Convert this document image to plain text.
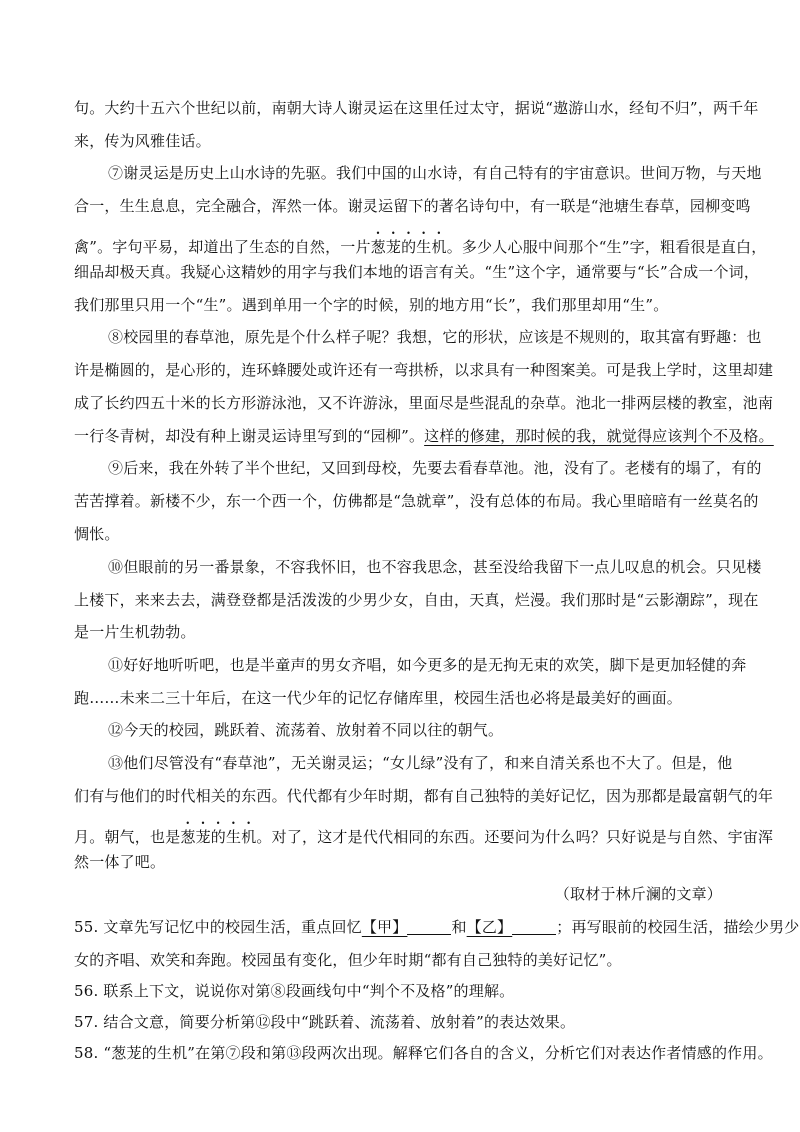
句。大约十五六个世纪以前，南朝大诗人谢灵运在这里任过太守，据说“遨游山水，经旬不归”，两千年
来，传为风雅佳话。
⑦谢灵运是历史上山水诗的先驱。我们中国的山水诗，有自己特有的宇宙意识。世间万物，与天地
合一，生生息息，完全融合，浑然一体。谢灵运留下的著名诗句中，有一联是“池塘生春草，园柳变鸣
禽”。字句平易，却道出了生态的自然，一片葱茏的生机。多少人心服中间那个“生”字，粗看很是直白，
细品却极天真。我疑心这精妙的用字与我们本地的语言有关。“生”这个字，通常要与“长”合成一个词，
我们那里只用一个“生”。遇到单用一个字的时候，别的地方用“长”，我们那里却用“生”。
⑧校园里的春草池，原先是个什么样子呢？我想，它的形状，应该是不规则的，取其富有野趣：也
许是椭圆的，是心形的，连环蜂腰处或许还有一弯拱桥，以求具有一种图案美。可是我上学时，这里却建
成了长约四五十米的长方形游泳池，又不许游泳，里面尽是些混乱的杂草。池北一排两层楼的教室，池南
一行冬青树，却没有种上谢灵运诗里写到的“园柳”。这样的修建，那时候的我，就觉得应该判个不及格。
⑨后来，我在外转了半个世纪，又回到母校，先要去看春草池。池，没有了。老楼有的塌了，有的
苦苦撑着。新楼不少，东一个西一个，仿佛都是“急就章”，没有总体的布局。我心里暗暗有一丝莫名的
惆怅。
⑩但眼前的另一番景象，不容我怀旧，也不容我思念，甚至没给我留下一点儿叹息的机会。只见楼
上楼下，来来去去，满登登都是活泼泼的少男少女，自由，天真，烂漫。我们那时是“云影潮踪”，现在
是一片生机勃勃。
⑪好好地听听吧，也是半童声的男女齐唱，如今更多的是无拘无束的欢笑，脚下是更加轻健的奔
跑……未来二三十年后，在这一代少年的记忆存储库里，校园生活也必将是最美好的画面。
⑫今天的校园，跳跃着、流荡着、放射着不同以往的朝气。
⑬他们尽管没有“春草池”，无关谢灵运；“女儿绿”没有了，和来自清关系也不大了。但是，他
们有与他们的时代相关的东西。代代都有少年时期，都有自己独特的美好记忆，因为那都是最富朝气的年
月。朝气，也是葱茏的生机。对了，这才是代代相同的东西。还要问为什么吗？只好说是与自然、宇宙浑
然一体了吧。
（取材于林斤澜的文章）
55. 文章先写记忆中的校园生活，重点回忆【甲】	和【乙】	；再写眼前的校园生活，描绘少男少
女的齐唱、欢笑和奔跑。校园虽有变化，但少年时期“都有自己独特的美好记忆”。
56. 联系上下文，说说你对第⑧段画线句中“判个不及格”的理解。
57. 结合文意，简要分析第⑫段中“跳跃着、流荡着、放射着”的表达效果。
58. “葱茏的生机”在第⑦段和第⑬段两次出现。解释它们各自的含义，分析它们对表达作者情感的作用。
